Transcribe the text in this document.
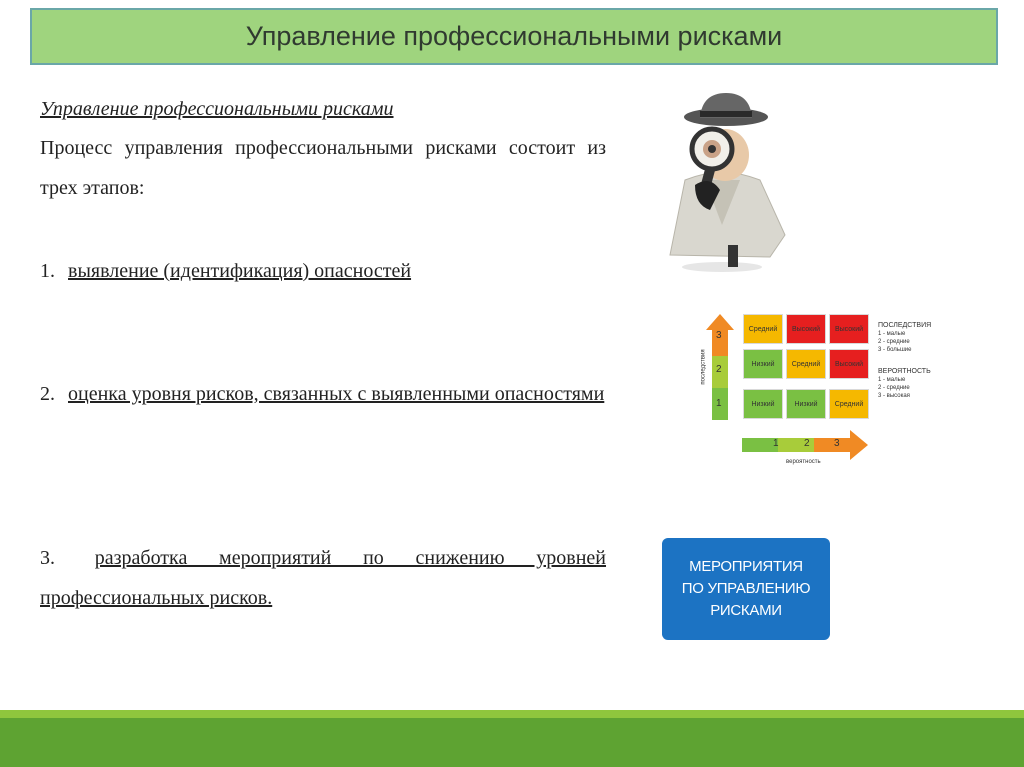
Управление профессиональными рисками
Управление профессиональными рисками
Процесс управления профессиональными рисками состоит из трех этапов:
1. выявление (идентификация) опасностей
2. оценка уровня рисков, связанных с выявленными опасностями
3. разработка мероприятий по снижению уровней профессиональных рисков.
Средний	Высокий	Высокий
Низкий	Средний	Высокий
Низкий	Низкий	Средний
3
2
1
последствия
1	2 3
вероятность
ПОСЛЕДСТВИЯ
1 - малые
2 - средние
3 - большие
ВЕРОЯТНОСТЬ
1 - малые
2 - средние
3 - высокая
МЕРОПРИЯТИЯ
ПО УПРАВЛЕНИЮ
РИСКАМИ
